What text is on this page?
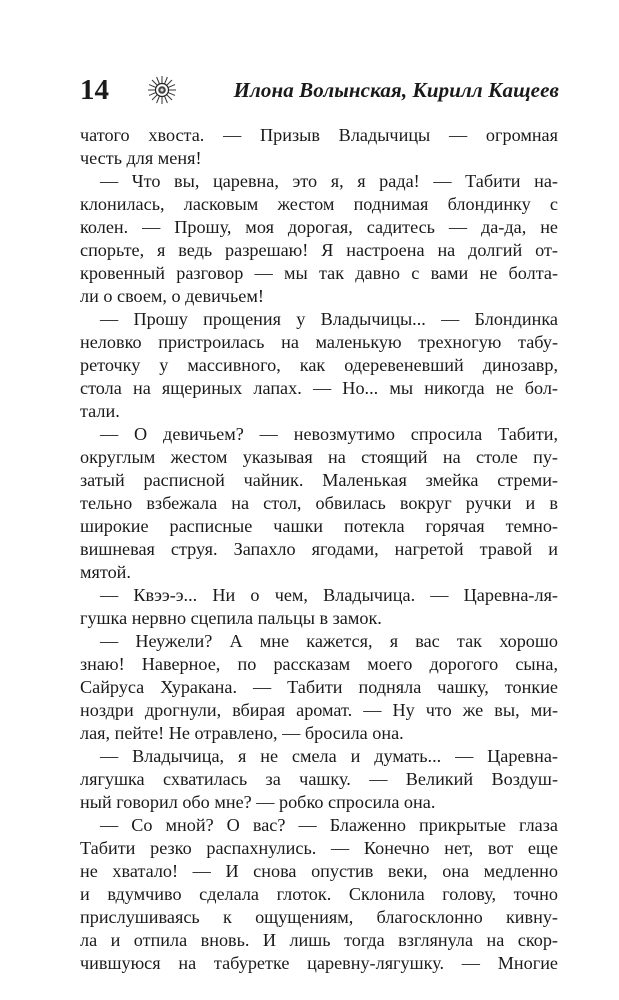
14	Илона Волынская, Кирилл Кащеев
чатого хвоста. — Призыв Владычицы — огромная
честь для меня!
— Что вы, царевна, это я, я рада! — Табити на-
клонилась, ласковым жестом поднимая блондинку с
колен. — Прошу, моя дорогая, садитесь — да-да, не
спорьте, я ведь разрешаю! Я настроена на долгий от-
кровенный разговор — мы так давно с вами не болта-
ли о своем, о девичьем!
— Прошу прощения у Владычицы... — Блондинка
неловко пристроилась на маленькую трехногую табу-
реточку у массивного, как одеревеневший динозавр,
стола на ящериных лапах. — Но... мы никогда не бол-
тали.
— О девичьем? — невозмутимо спросила Табити,
округлым жестом указывая на стоящий на столе пу-
затый расписной чайник. Маленькая змейка стреми-
тельно взбежала на стол, обвилась вокруг ручки и в
широкие расписные чашки потекла горячая темно-
вишневая струя. Запахло ягодами, нагретой травой и
мятой.
— Квээ-э... Ни о чем, Владычица. — Царевна-ля-
гушка нервно сцепила пальцы в замок.
— Неужели? А мне кажется, я вас так хорошо
знаю! Наверное, по рассказам моего дорогого сына,
Сайруса Хуракана. — Табити подняла чашку, тонкие
ноздри дрогнули, вбирая аромат. — Ну что же вы, ми-
лая, пейте! Не отравлено, — бросила она.
— Владычица, я не смела и думать... — Царевна-
лягушка схватилась за чашку. — Великий Воздуш-
ный говорил обо мне? — робко спросила она.
— Со мной? О вас? — Блаженно прикрытые глаза
Табити резко распахнулись. — Конечно нет, вот еще
не хватало! — И снова опустив веки, она медленно
и вдумчиво сделала глоток. Склонила голову, точно
прислушиваясь к ощущениям, благосклонно кивну-
ла и отпила вновь. И лишь тогда взглянула на скор-
чившуюся на табуретке царевну-лягушку. — Многие
